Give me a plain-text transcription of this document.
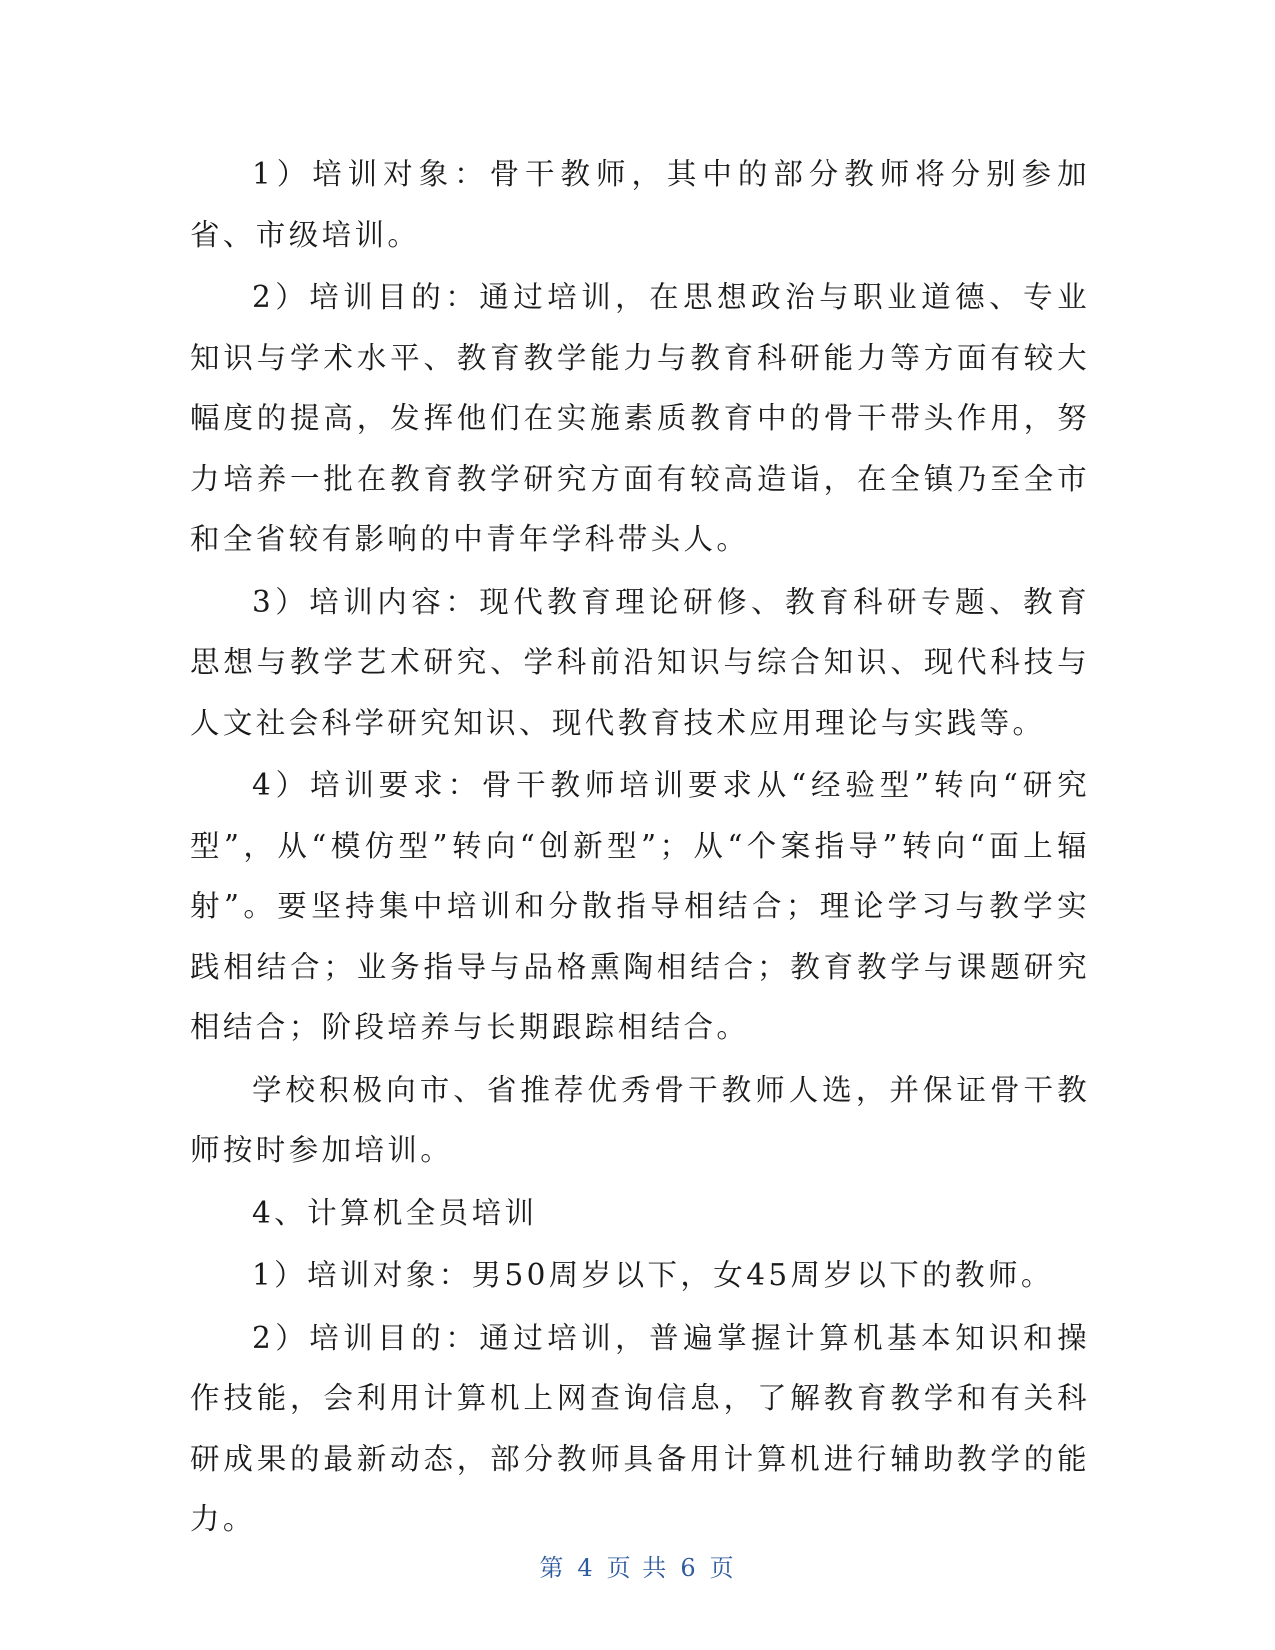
1）培训对象：骨干教师，其中的部分教师将分别参加省、市级培训。

2）培训目的：通过培训，在思想政治与职业道德、专业知识与学术水平、教育教学能力与教育科研能力等方面有较大幅度的提高，发挥他们在实施素质教育中的骨干带头作用，努力培养一批在教育教学研究方面有较高造诣，在全镇乃至全市和全省较有影响的中青年学科带头人。

3）培训内容：现代教育理论研修、教育科研专题、教育思想与教学艺术研究、学科前沿知识与综合知识、现代科技与人文社会科学研究知识、现代教育技术应用理论与实践等。

4）培训要求：骨干教师培训要求从“经验型”转向“研究型”，从“模仿型”转向“创新型”；从“个案指导”转向“面上辐射”。要坚持集中培训和分散指导相结合；理论学习与教学实践相结合；业务指导与品格熏陶相结合；教育教学与课题研究相结合；阶段培养与长期跟踪相结合。

学校积极向市、省推荐优秀骨干教师人选，并保证骨干教师按时参加培训。

4、计算机全员培训

1）培训对象：男50周岁以下，女45周岁以下的教师。

2）培训目的：通过培训，普遍掌握计算机基本知识和操作技能，会利用计算机上网查询信息，了解教育教学和有关科研成果的最新动态，部分教师具备用计算机进行辅助教学的能力。

第 4 页 共 6 页
